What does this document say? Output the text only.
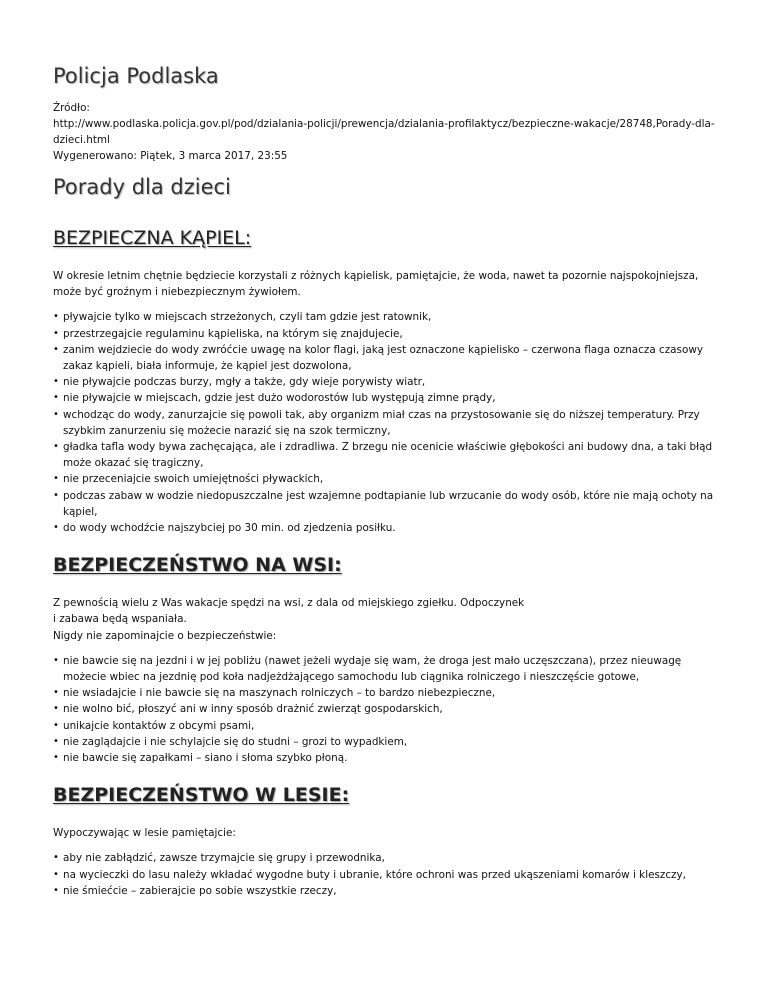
Policja Podlaska
Źródło:
http://www.podlaska.policja.gov.pl/pod/dzialania-policji/prewencja/dzialania-profilaktycz/bezpieczne-wakacje/28748,Porady-dla-dzieci.html
Wygenerowano: Piątek, 3 marca 2017, 23:55
Porady dla dzieci
BEZPIECZNA KĄPIEL:

W okresie letnim chętnie będziecie korzystali z różnych kąpielisk, pamiętajcie, że woda, nawet ta pozornie najspokojniejsza, może być groźnym i niebezpiecznym żywiołem.

• pływajcie tylko w miejscach strzeżonych, czyli tam gdzie jest ratownik,
• przestrzegajcie regulaminu kąpieliska, na którym się znajdujecie,
• zanim wejdziecie do wody zwróćcie uwagę na kolor flagi, jaką jest oznaczone kąpielisko – czerwona flaga oznacza czasowy zakaz kąpieli, biała informuje, że kąpiel jest dozwolona,
• nie pływajcie podczas burzy, mgły a także, gdy wieje porywisty wiatr,
• nie pływajcie w miejscach, gdzie jest dużo wodorostów lub występują zimne prądy,
• wchodząc do wody, zanurzajcie się powoli tak, aby organizm miał czas na przystosowanie się do niższej temperatury. Przy szybkim zanurzeniu się możecie narazić się na szok termiczny,
• gładka tafla wody bywa zachęcająca, ale i zdradliwa. Z brzegu nie ocenicie właściwie głębokości ani budowy dna, a taki błąd może okazać się tragiczny,
• nie przeceniajcie swoich umiejętności pływackich,
• podczas zabaw w wodzie niedopuszczalne jest wzajemne podtapianie lub wrzucanie do wody osób, które nie mają ochoty na kąpiel,
• do wody wchodźcie najszybciej po 30 min. od zjedzenia posiłku.
BEZPIECZEŃSTWO NA WSI:

Z pewnością wielu z Was wakacje spędzi na wsi, z dala od miejskiego zgiełku. Odpoczynek

i zabawa będą wspaniała.

Nigdy nie zapominajcie o bezpieczeństwie:

• nie bawcie się na jezdni i w jej pobliżu (nawet jeżeli wydaje się wam, że droga jest mało uczęszczana), przez nieuwagę możecie wbiec na jezdnię pod koła nadjeżdżającego samochodu lub ciągnika rolniczego i nieszczęście gotowe,
• nie wsiadajcie i nie bawcie się na maszynach rolniczych – to bardzo niebezpieczne,
• nie wolno bić, płoszyć ani w inny sposób drażnić zwierząt gospodarskich,
• unikajcie kontaktów z obcymi psami,
• nie zaglądajcie i nie schylajcie się do studni – grozi to wypadkiem,
• nie bawcie się zapałkami – siano i słoma szybko płoną.
BEZPIECZEŃSTWO W LESIE:

Wypoczywając w lesie pamiętajcie:

• aby nie zabłądzić, zawsze trzymajcie się grupy i przewodnika,
• na wycieczki do lasu należy wkładać wygodne buty i ubranie, które ochroni was przed ukąszeniami komarów i kleszczy,
• nie śmiećcie – zabierajcie po sobie wszystkie rzeczy,
